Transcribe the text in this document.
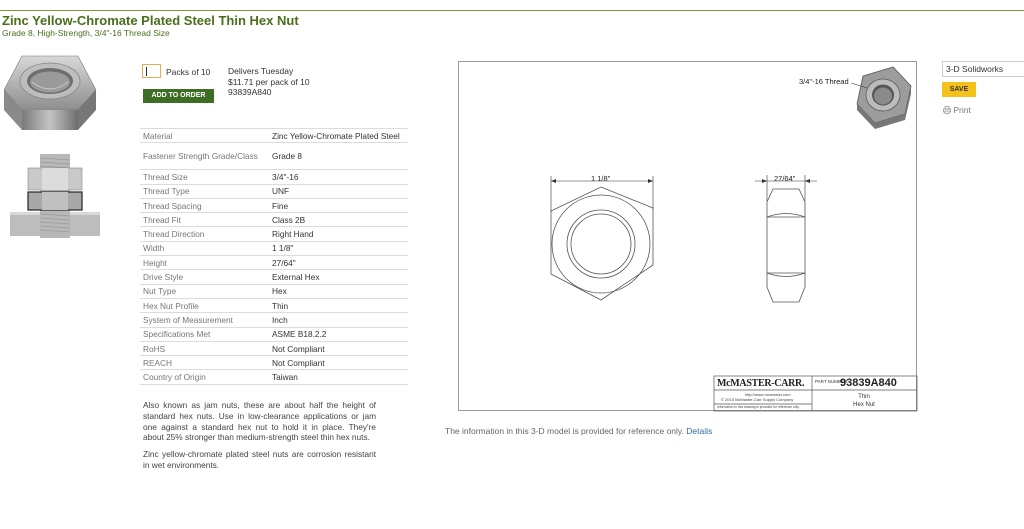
Zinc Yellow-Chromate Plated Steel Thin Hex Nut
Grade 8, High-Strength, 3/4"-16 Thread Size
Packs of 10
ADD TO ORDER
Delivers Tuesday
$11.71 per pack of 10
93839A840
Material	Zinc Yellow-Chromate Plated Steel
Fastener Strength Grade/Class	Grade 8
Thread Size	3/4"-16
Thread Type	UNF
Thread Spacing	Fine
Thread Fit	Class 2B
Thread Direction	Right Hand
Width	1 1/8"
Height	27/64"
Drive Style	External Hex
Nut Type	Hex
Hex Nut Profile	Thin
System of Measurement	Inch
Specifications Met	ASME B18.2.2
RoHS	Not Compliant
REACH	Not Compliant
Country of Origin	Taiwan

Also known as jam nuts, these are about half the height of standard hex nuts. Use in low-clearance applications or jam one against a standard hex nut to hold it in place. They're about 25% stronger than medium-strength steel thin hex nuts.

Zinc yellow-chromate plated steel nuts are corrosion resistant in wet environments.

3/4"-16 Thread
1 1/8"	27/64"
McMASTER-CARR.
http://www.mcmaster.com
© 2015 McMaster-Carr Supply Company
Information in this drawing is provided for reference only.
PART NUMBER
93839A840
Thin
Hex Nut
The information in this 3-D model is provided for reference only. Details
3-D Solidworks
SAVE
Print
